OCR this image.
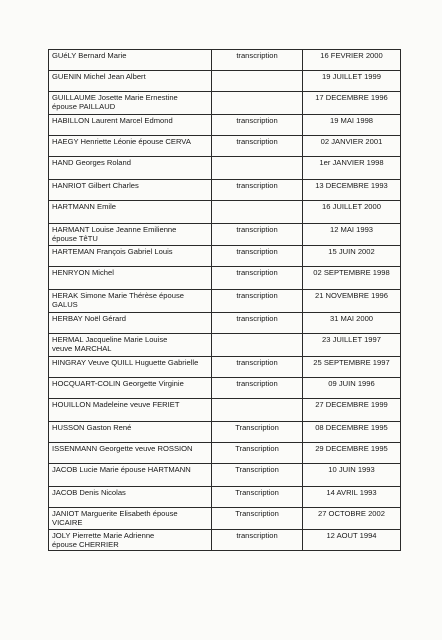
GUéLY Bernard Marie	transcription	16 FEVRIER 2000
GUENIN Michel Jean Albert		19 JUILLET 1999
GUILLAUME Josette Marie Ernestine
épouse PAILLAUD		17 DECEMBRE 1996
HABILLON Laurent Marcel Edmond	transcription	19 MAI 1998
HAEGY Henriette Léonie épouse CERVA	transcription	02 JANVIER 2001
HAND Georges Roland		1er JANVIER 1998
HANRIOT Gilbert Charles	transcription	13 DECEMBRE 1993
HARTMANN Emile		16 JUILLET 2000
HARMANT Louise Jeanne Emilienne
épouse TêTU	transcription	12 MAI 1993
HARTEMAN François Gabriel Louis	transcription	15 JUIN 2002
HENRYON Michel	transcription	02 SEPTEMBRE 1998
HERAK Simone Marie Thérèse épouse
GALUS	transcription	21 NOVEMBRE 1996
HERBAY Noël Gérard	transcription	31 MAI 2000
HERMAL Jacqueline Marie Louise
veuve MARCHAL		23 JUILLET 1997
HINGRAY Veuve QUILL Huguette Gabrielle	transcription	25 SEPTEMBRE 1997
HOCQUART-COLIN Georgette Virginie	transcription	09 JUIN 1996
HOUILLON Madeleine veuve FERIET		27 DECEMBRE 1999
HUSSON Gaston René	Transcription	08 DECEMBRE 1995
ISSENMANN Georgette veuve ROSSION	Transcription	29 DECEMBRE 1995
JACOB Lucie Marie épouse HARTMANN	Transcription	10 JUIN 1993
JACOB Denis Nicolas	Transcription	14 AVRIL 1993
JANIOT Marguerite Elisabeth épouse
VICAIRE	Transcription	27 OCTOBRE 2002
JOLY Pierrette Marie Adrienne
épouse CHERRIER	transcription	12 AOUT 1994
